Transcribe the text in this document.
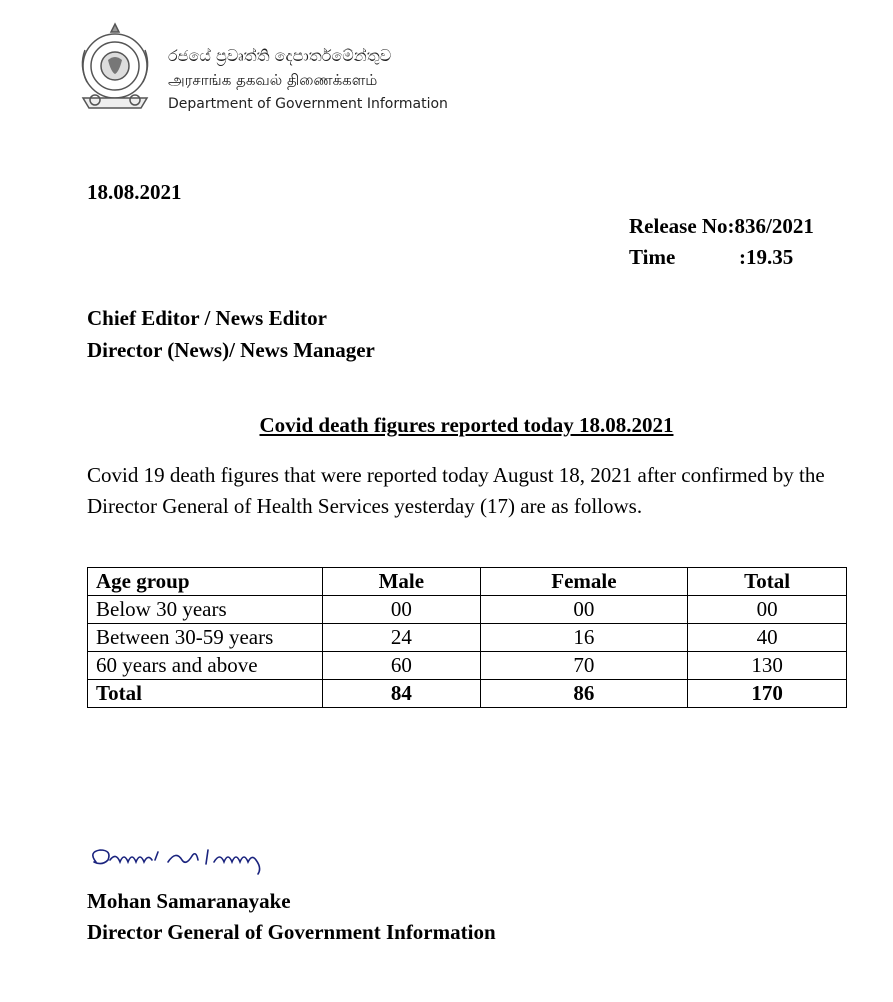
රජයේ ප්‍රවෘත්ති දෙපාර්තමේන්තුව
அரசாங்க தகவல் திணைக்களம்
Department of Government Information
18.08.2021
Release No:836/2021
Time	:19.35
Chief Editor / News Editor
Director (News)/ News Manager
Covid death figures reported today 18.08.2021
Covid 19 death figures that were reported today August 18, 2021 after confirmed by the Director General of Health Services yesterday (17) are as follows.
Age group	Male	Female	Total
Below 30 years	00	00	00
Between 30-59 years	24	16	40
60 years and above	60	70	130
Total	84	86	170
Mohan Samaranayake
Director General of Government Information
